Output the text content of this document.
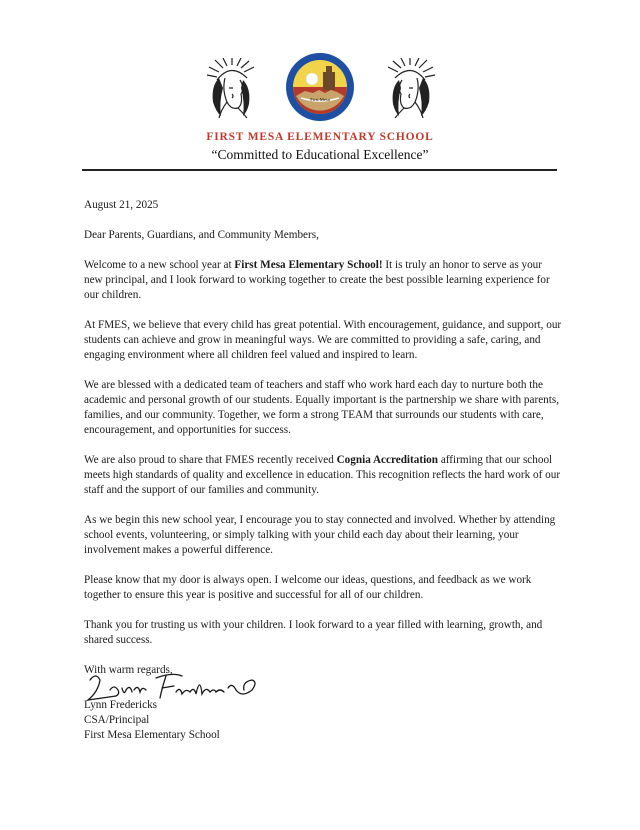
First Mesa
FIRST MESA ELEMENTARY SCHOOL
“Committed to Educational Excellence”

August 21, 2025

Dear Parents, Guardians, and Community Members,

Welcome to a new school year at First Mesa Elementary School! It is truly an honor to serve as your new principal, and I look forward to working together to create the best possible learning experience for our children.

At FMES, we believe that every child has great potential. With encouragement, guidance, and support, our students can achieve and grow in meaningful ways. We are committed to providing a safe, caring, and engaging environment where all children feel valued and inspired to learn.

We are blessed with a dedicated team of teachers and staff who work hard each day to nurture both the academic and personal growth of our students. Equally important is the partnership we share with parents, families, and our community. Together, we form a strong TEAM that surrounds our students with care, encouragement, and opportunities for success.

We are also proud to share that FMES recently received Cognia Accreditation affirming that our school meets high standards of quality and excellence in education. This recognition reflects the hard work of our staff and the support of our families and community.

As we begin this new school year, I encourage you to stay connected and involved. Whether by attending school events, volunteering, or simply talking with your child each day about their learning, your involvement makes a powerful difference.

Please know that my door is always open. I welcome our ideas, questions, and feedback as we work together to ensure this year is positive and successful for all of our children.

Thank you for trusting us with your children. I look forward to a year filled with learning, growth, and shared success.

With warm regards,

Lynn Fredericks
CSA/Principal
First Mesa Elementary School
